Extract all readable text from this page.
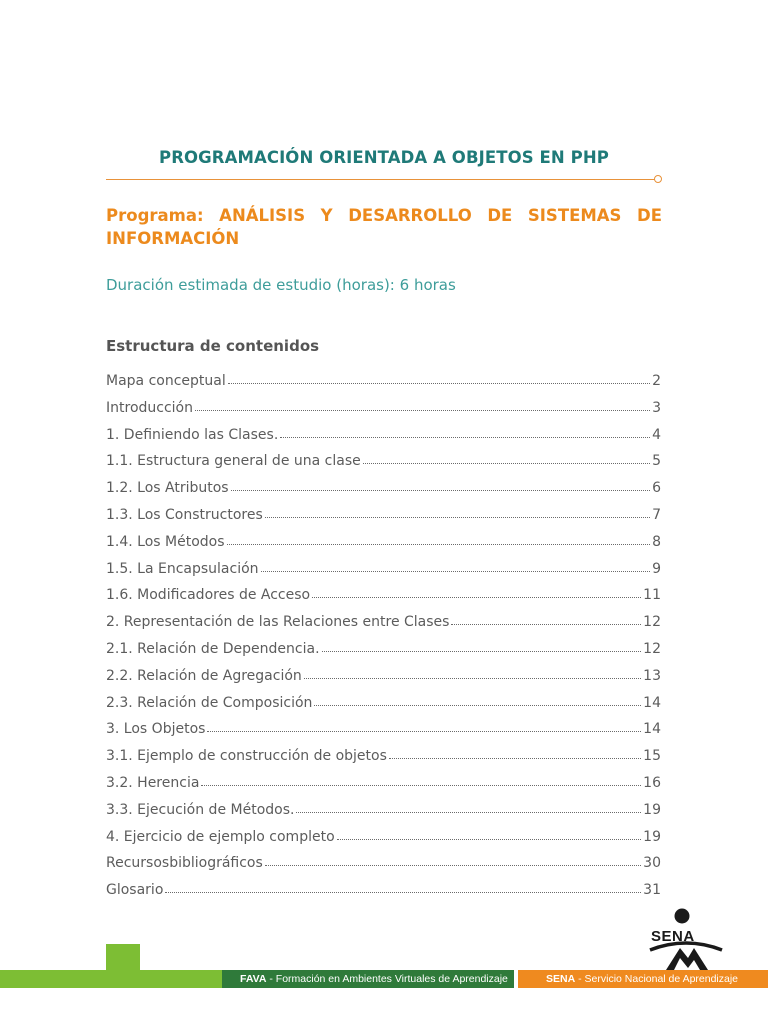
PROGRAMACIÓN ORIENTADA A OBJETOS EN PHP

Programa: ANÁLISIS Y DESARROLLO DE SISTEMAS DE INFORMACIÓN

Duración estimada de estudio (horas): 6 horas

Estructura de contenidos

Mapa conceptual	2
Introducción	3
1. Definiendo las Clases.	4
1.1. Estructura general de una clase	5
1.2. Los Atributos	6
1.3. Los Constructores	7
1.4. Los Métodos	8
1.5. La Encapsulación	9
1.6. Modificadores de Acceso	11
2. Representación de las Relaciones entre Clases	12
2.1. Relación de Dependencia.	12
2.2. Relación de Agregación	13
2.3. Relación de Composición	14
3. Los Objetos	14
3.1. Ejemplo de construcción de objetos	15
3.2. Herencia	16
3.3. Ejecución de Métodos.	19
4. Ejercicio de ejemplo completo	19
Recursosbibliográficos	30
Glosario	31
FAVA - Formación en Ambientes Virtuales de Aprendizaje	SENA - Servicio Nacional de Aprendizaje
SENA
